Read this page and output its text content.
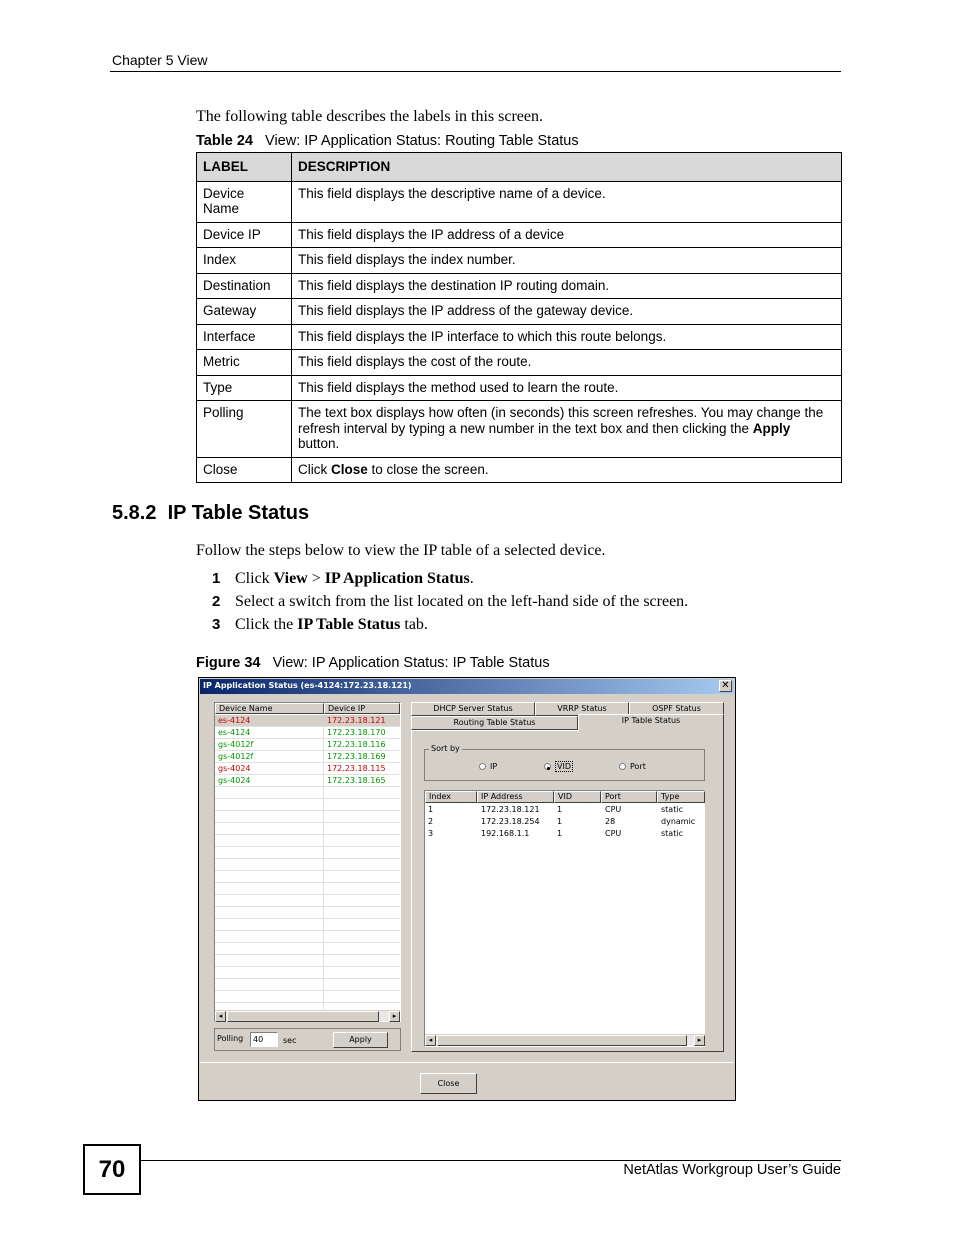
Chapter 5 View
The following table describes the labels in this screen.
Table 24 View: IP Application Status: Routing Table Status
LABEL	DESCRIPTION
Device Name	This field displays the descriptive name of a device.
Device IP	This field displays the IP address of a device
Index	This field displays the index number.
Destination	This field displays the destination IP routing domain.
Gateway	This field displays the IP address of the gateway device.
Interface	This field displays the IP interface to which this route belongs.
Metric	This field displays the cost of the route.
Type	This field displays the method used to learn the route.
Polling	The text box displays how often (in seconds) this screen refreshes. You may change the refresh interval by typing a new number in the text box and then clicking the Apply button.
Close	Click Close to close the screen.
5.8.2  IP Table Status
Follow the steps below to view the IP table of a selected device.
1 Click View > IP Application Status.
2 Select a switch from the list located on the left-hand side of the screen.
3 Click the IP Table Status tab.
Figure 34 View: IP Application Status: IP Table Status
IP Application Status (es-4124:172.23.18.121)	✕
Device Name	Device IP
es-4124	172.23.18.121
es-4124	172.23.18.170
gs-4012f	172.23.18.116
gs-4012f	172.23.18.169
gs-4024	172.23.18.115
gs-4024	172.23.18.165
◂	▸
Polling	40	sec	Apply
DHCP Server Status	VRRP Status	OSPF Status
Routing Table Status	IP Table Status
Sort by
IP	VID	Port
Index	IP Address	VID	Port	Type
1	172.23.18.121 1	CPU	static
2	172.23.18.254 1	28	dynamic
3	192.168.1.1	1	CPU	static
◂	▸
Close
70	NetAtlas Workgroup User’s Guide
